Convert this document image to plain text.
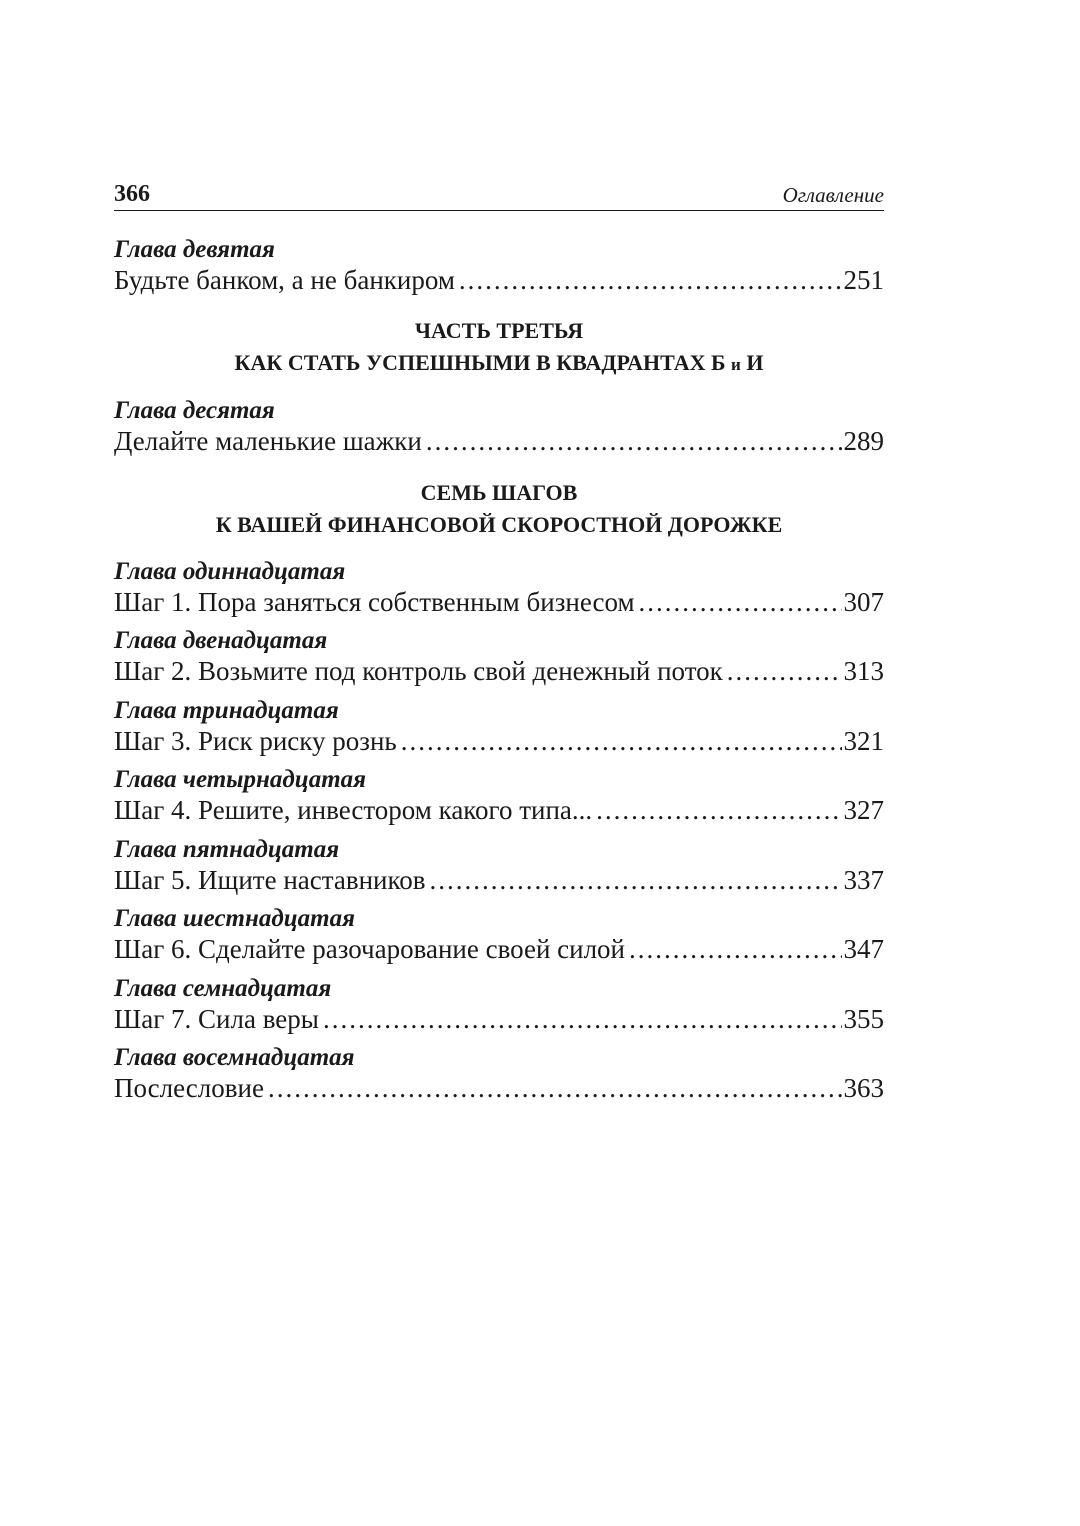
366	Оглавление
Глава девятая
Будьте банком, а не банкиром .....	251
ЧАСТЬ ТРЕТЬЯ
КАК СТАТЬ УСПЕШНЫМИ В КВАДРАНТАХ Б и И
Глава десятая
Делайте маленькие шажки .....	289
СЕМЬ ШАГОВ
К ВАШЕЙ ФИНАНСОВОЙ СКОРОСТНОЙ ДОРОЖКЕ
Глава одиннадцатая
Шаг 1. Пора заняться собственным бизнесом .....	307
Глава двенадцатая
Шаг 2. Возьмите под контроль свой денежный поток .....	313
Глава тринадцатая
Шаг 3. Риск риску рознь .....	321
Глава четырнадцатая
Шаг 4. Решите, инвестором какого типа... .....	327
Глава пятнадцатая
Шаг 5. Ищите наставников .....	337
Глава шестнадцатая
Шаг 6. Сделайте разочарование своей силой .....	347
Глава семнадцатая
Шаг 7. Сила веры .....	355
Глава восемнадцатая
Послесловие .....	363
